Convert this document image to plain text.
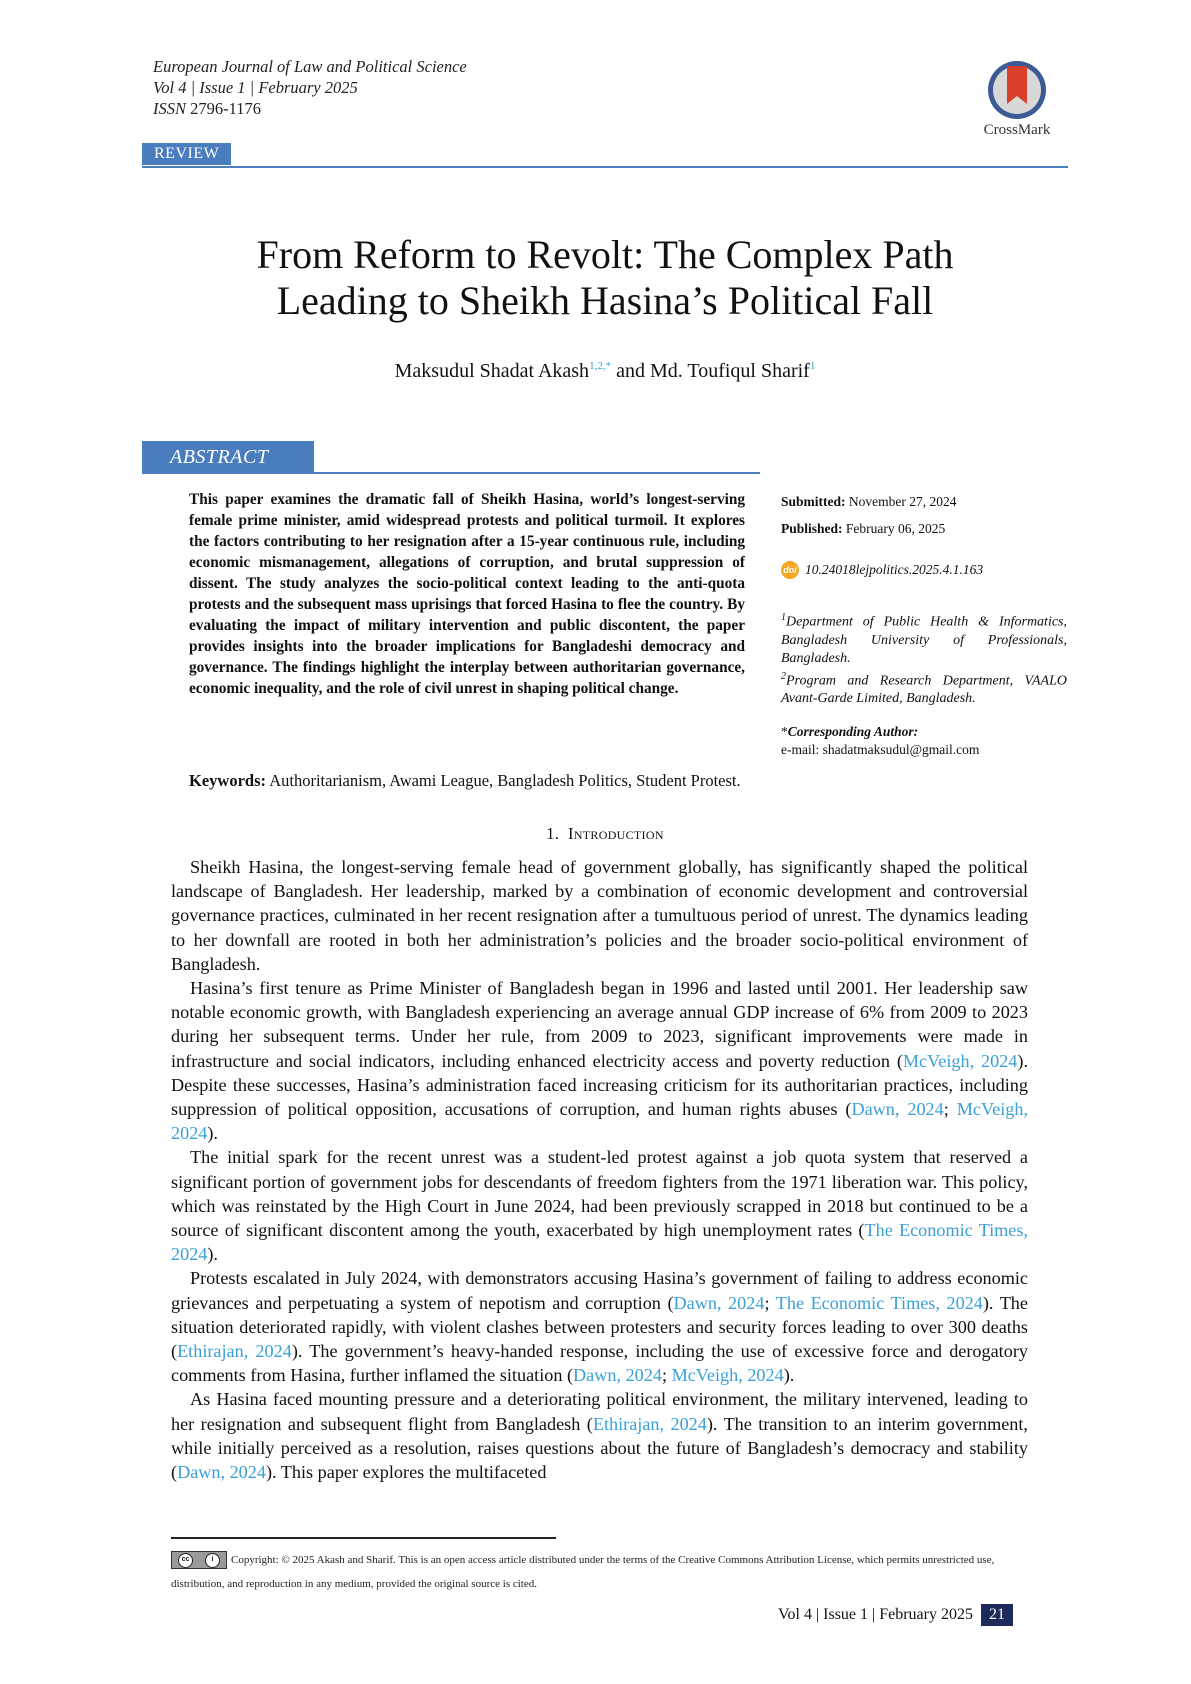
European Journal of Law and Political Science
Vol 4 | Issue 1 | February 2025
ISSN 2796-1176
CrossMark
REVIEW
From Reform to Revolt: The Complex Path
Leading to Sheikh Hasina’s Political Fall
Maksudul Shadat Akash$^{1,2,*}$ and Md. Toufiqul Sharif$^1$
ABSTRACT
This paper examines the dramatic fall of Sheikh Hasina, world’s longest-serving female prime minister, amid widespread protests and political turmoil. It explores the factors contributing to her resignation after a 15-year continuous rule, including economic mismanagement, allegations of corruption, and brutal suppression of dissent. The study analyzes the socio-political context leading to the anti-quota protests and the subsequent mass uprisings that forced Hasina to flee the country. By evaluating the impact of military intervention and public discontent, the paper provides insights into the broader implications for Bangladeshi democracy and governance. The findings highlight the interplay between authoritarian governance, economic inequality, and the role of civil unrest in shaping political change.
Keywords: Authoritarianism, Awami League, Bangladesh Politics, Student Protest.
Submitted: November 27, 2024
Published: February 06, 2025
doi 10.24018lejpolitics.2025.4.1.163
$^1$Department of Public Health & Informatics, Bangladesh University of Professionals, Bangladesh.
$^2$Program and Research Department, VAALO Avant-Garde Limited, Bangladesh.
*Corresponding Author:
e-mail: shadatmaksudul@gmail.com
1. Introduction

Sheikh Hasina, the longest-serving female head of government globally, has significantly shaped the political landscape of Bangladesh. Her leadership, marked by a combination of economic development and controversial governance practices, culminated in her recent resignation after a tumultuous period of unrest. The dynamics leading to her downfall are rooted in both her administration’s policies and the broader socio-political environment of Bangladesh.

Hasina’s first tenure as Prime Minister of Bangladesh began in 1996 and lasted until 2001. Her leadership saw notable economic growth, with Bangladesh experiencing an average annual GDP increase of 6% from 2009 to 2023 during her subsequent terms. Under her rule, from 2009 to 2023, significant improvements were made in infrastructure and social indicators, including enhanced electricity access and poverty reduction (McVeigh, 2024). Despite these successes, Hasina’s administration faced increasing criticism for its authoritarian practices, including suppression of political opposition, accusations of corruption, and human rights abuses (Dawn, 2024; McVeigh, 2024).

The initial spark for the recent unrest was a student-led protest against a job quota system that reserved a significant portion of government jobs for descendants of freedom fighters from the 1971 liberation war. This policy, which was reinstated by the High Court in June 2024, had been previously scrapped in 2018 but continued to be a source of significant discontent among the youth, exacerbated by high unemployment rates (The Economic Times, 2024).

Protests escalated in July 2024, with demonstrators accusing Hasina’s government of failing to address economic grievances and perpetuating a system of nepotism and corruption (Dawn, 2024; The Economic Times, 2024). The situation deteriorated rapidly, with violent clashes between protesters and security forces leading to over 300 deaths (Ethirajan, 2024). The government’s heavy-handed response, including the use of excessive force and derogatory comments from Hasina, further inflamed the situation (Dawn, 2024; McVeigh, 2024).

As Hasina faced mounting pressure and a deteriorating political environment, the military intervened, leading to her resignation and subsequent flight from Bangladesh (Ethirajan, 2024). The transition to an interim government, while initially perceived as a resolution, raises questions about the future of Bangladesh’s democracy and stability (Dawn, 2024). This paper explores the multifaceted

cc	i	Copyright: © 2025 Akash and Sharif. This is an open access article distributed under the terms of the Creative Commons Attribution License, which permits unrestricted use, distribution, and reproduction in any medium, provided the original source is cited.
Vol 4 | Issue 1 | February 2025	21
